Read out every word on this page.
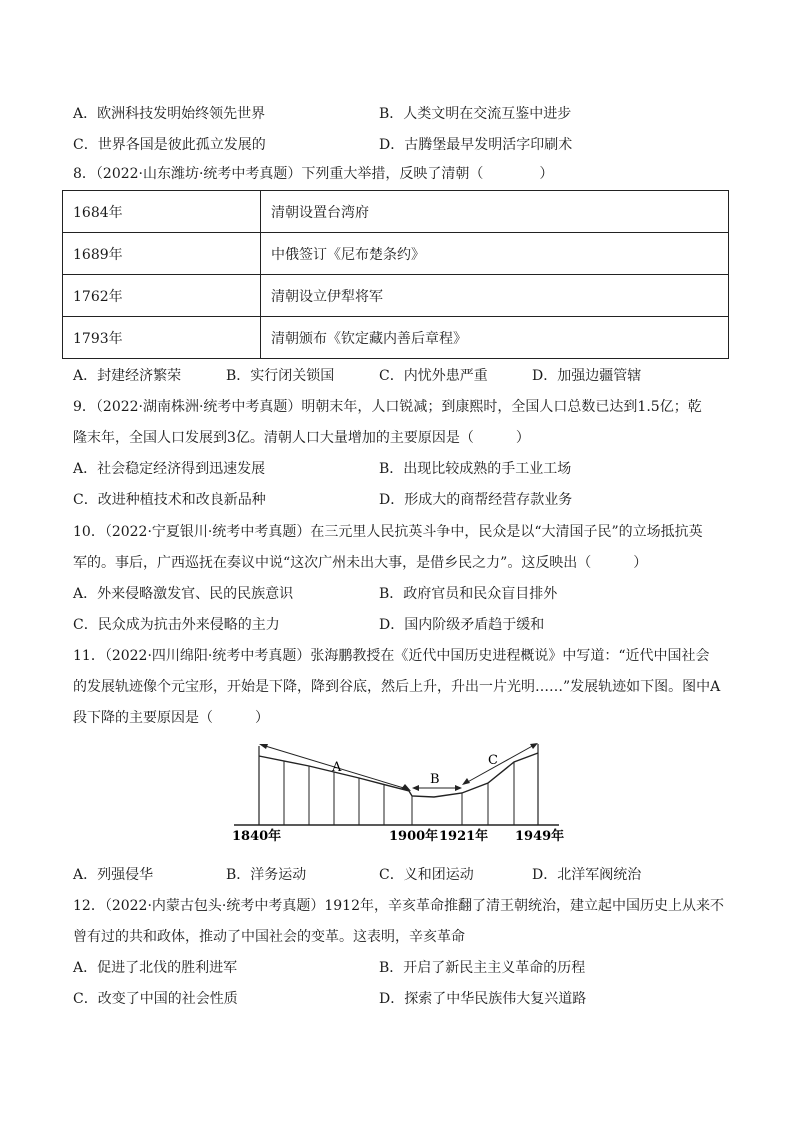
A．欧洲科技发明始终领先世界	B．人类文明在交流互鉴中进步
C．世界各国是彼此孤立发展的	D．古腾堡最早发明活字印刷术
8．（2022·山东潍坊·统考中考真题）下列重大举措，反映了清朝（　　　　）
1684年	清朝设置台湾府
1689年	中俄签订《尼布楚条约》
1762年	清朝设立伊犁将军
1793年	清朝颁布《钦定藏内善后章程》
A．封建经济繁荣	B．实行闭关锁国	C．内忧外患严重	D．加强边疆管辖
9．（2022·湖南株洲·统考中考真题）明朝末年，人口锐减；到康熙时，全国人口总数已达到1.5亿；乾
隆末年，全国人口发展到3亿。清朝人口大量增加的主要原因是（　　　）
A．社会稳定经济得到迅速发展	B．出现比较成熟的手工业工场
C．改进种植技术和改良新品种	D．形成大的商帮经营存款业务
10．（2022·宁夏银川·统考中考真题）在三元里人民抗英斗争中，民众是以“大清国子民”的立场抵抗英
军的。事后，广西巡抚在奏议中说“这次广州未出大事，是借乡民之力”。这反映出（　　　）
A．外来侵略激发官、民的民族意识	B．政府官员和民众盲目排外
C．民众成为抗击外来侵略的主力	D．国内阶级矛盾趋于缓和
11．（2022·四川绵阳·统考中考真题）张海鹏教授在《近代中国历史进程概说》中写道：“近代中国社会
的发展轨迹像个元宝形，开始是下降，降到谷底，然后上升，升出一片光明……”发展轨迹如下图。图中A
段下降的主要原因是（　　　）
A
B
C
1840年	1900年 1921年 1949年
A．列强侵华	B．洋务运动	C．义和团运动	D．北洋军阀统治
12．（2022·内蒙古包头·统考中考真题）1912年，辛亥革命推翻了清王朝统治，建立起中国历史上从来不
曾有过的共和政体，推动了中国社会的变革。这表明，辛亥革命
A．促进了北伐的胜利进军	B．开启了新民主主义革命的历程
C．改变了中国的社会性质	D．探索了中华民族伟大复兴道路
